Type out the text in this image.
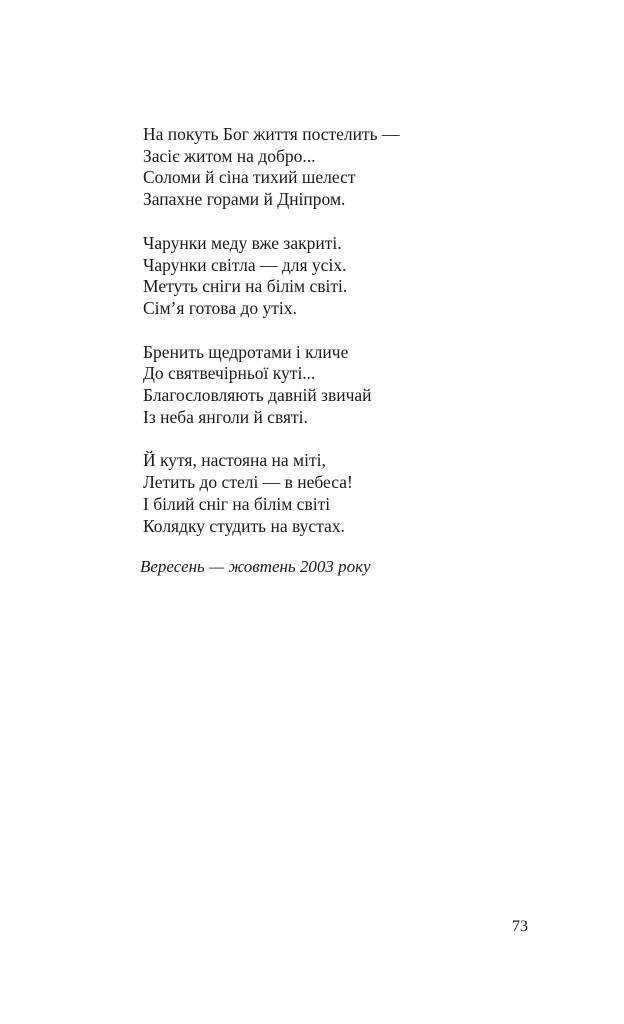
На покуть Бог життя постелить —
Засіє житом на добро...
Соломи й сіна тихий шелест
Запахне горами й Дніпром.
Чарунки меду вже закриті.
Чарунки світла — для усіх.
Метуть сніги на білім світі.
Сім’я готова до утіх.
Бренить щедротами і кличе
До святвечірньої куті...
Благословляють давній звичай
Із неба янголи й святі.
Й кутя, настояна на міті,
Летить до стелі — в небеса!
І білий сніг на білім світі
Колядку студить на вустах.
Вересень — жовтень 2003 року
73
